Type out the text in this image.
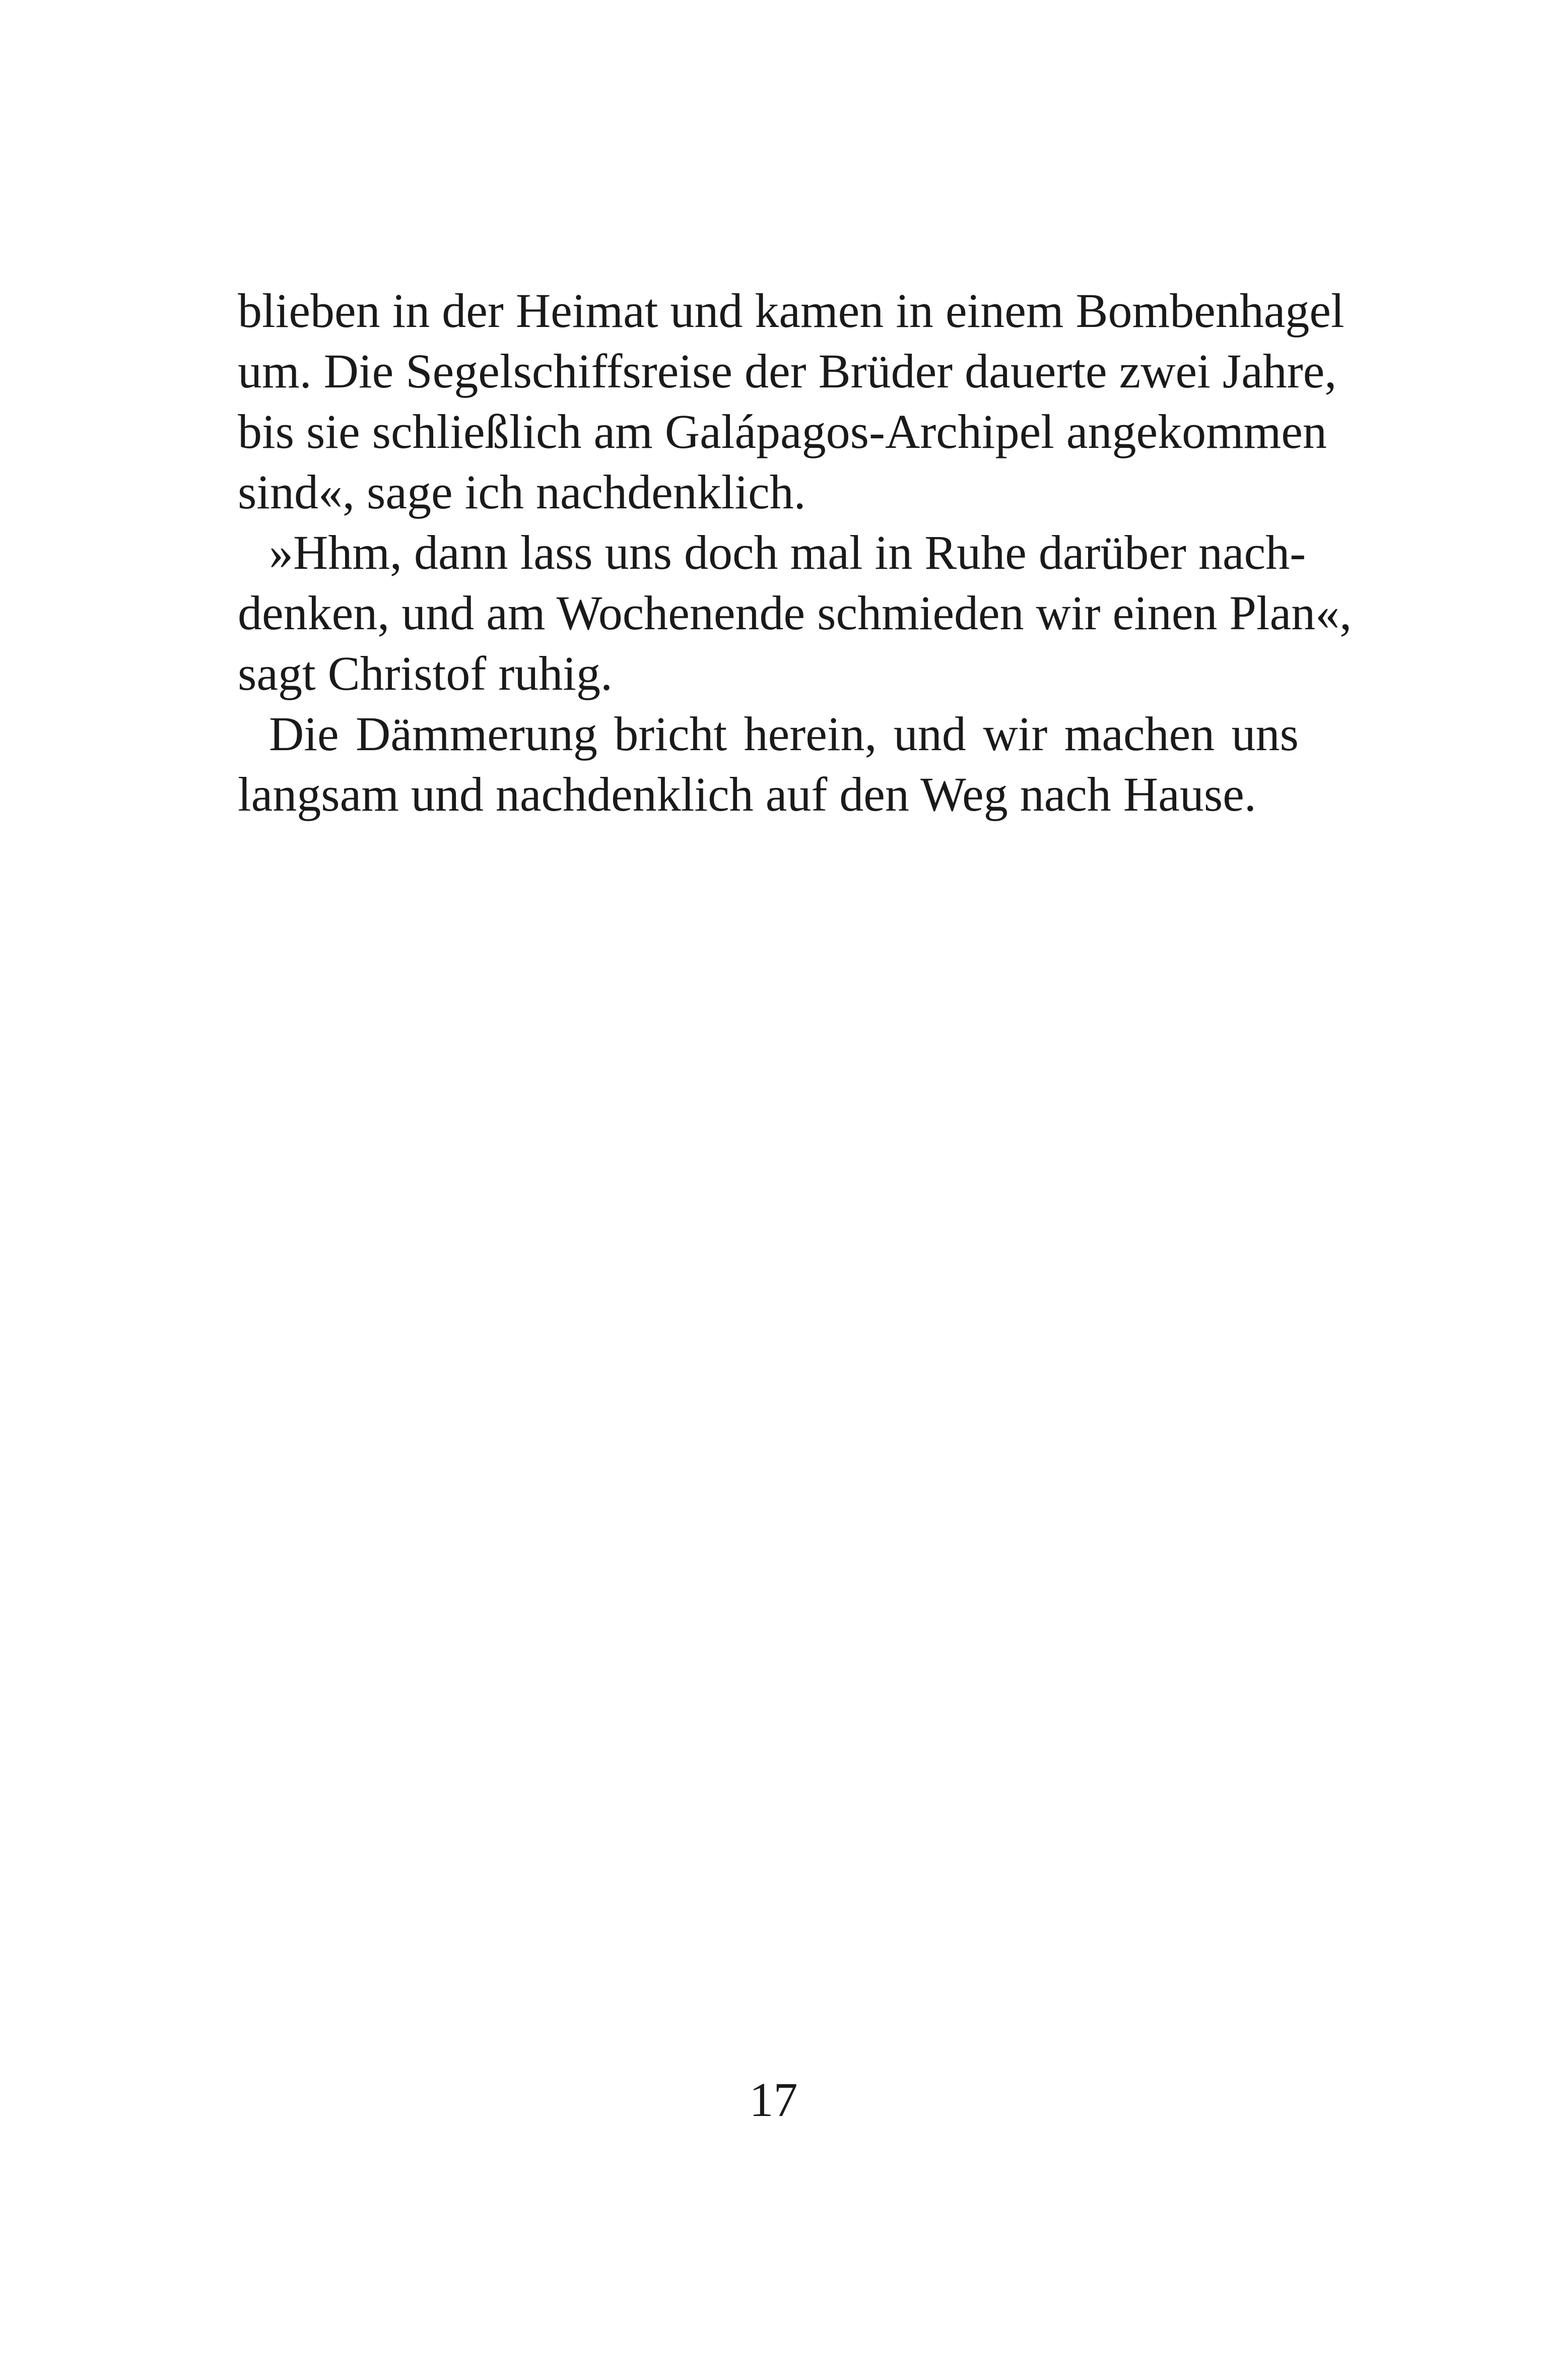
blieben in der Heimat und kamen in einem Bombenhagel
um. Die Segelschiffsreise der Brüder dauerte zwei Jahre,
bis sie schließlich am Galápagos-Archipel angekommen
sind«, sage ich nachdenklich.
»Hhm, dann lass uns doch mal in Ruhe darüber nach-
denken, und am Wochenende schmieden wir einen Plan«,
sagt Christof ruhig.
Die Dämmerung bricht herein, und wir machen uns
langsam und nachdenklich auf den Weg nach Hause.
17
